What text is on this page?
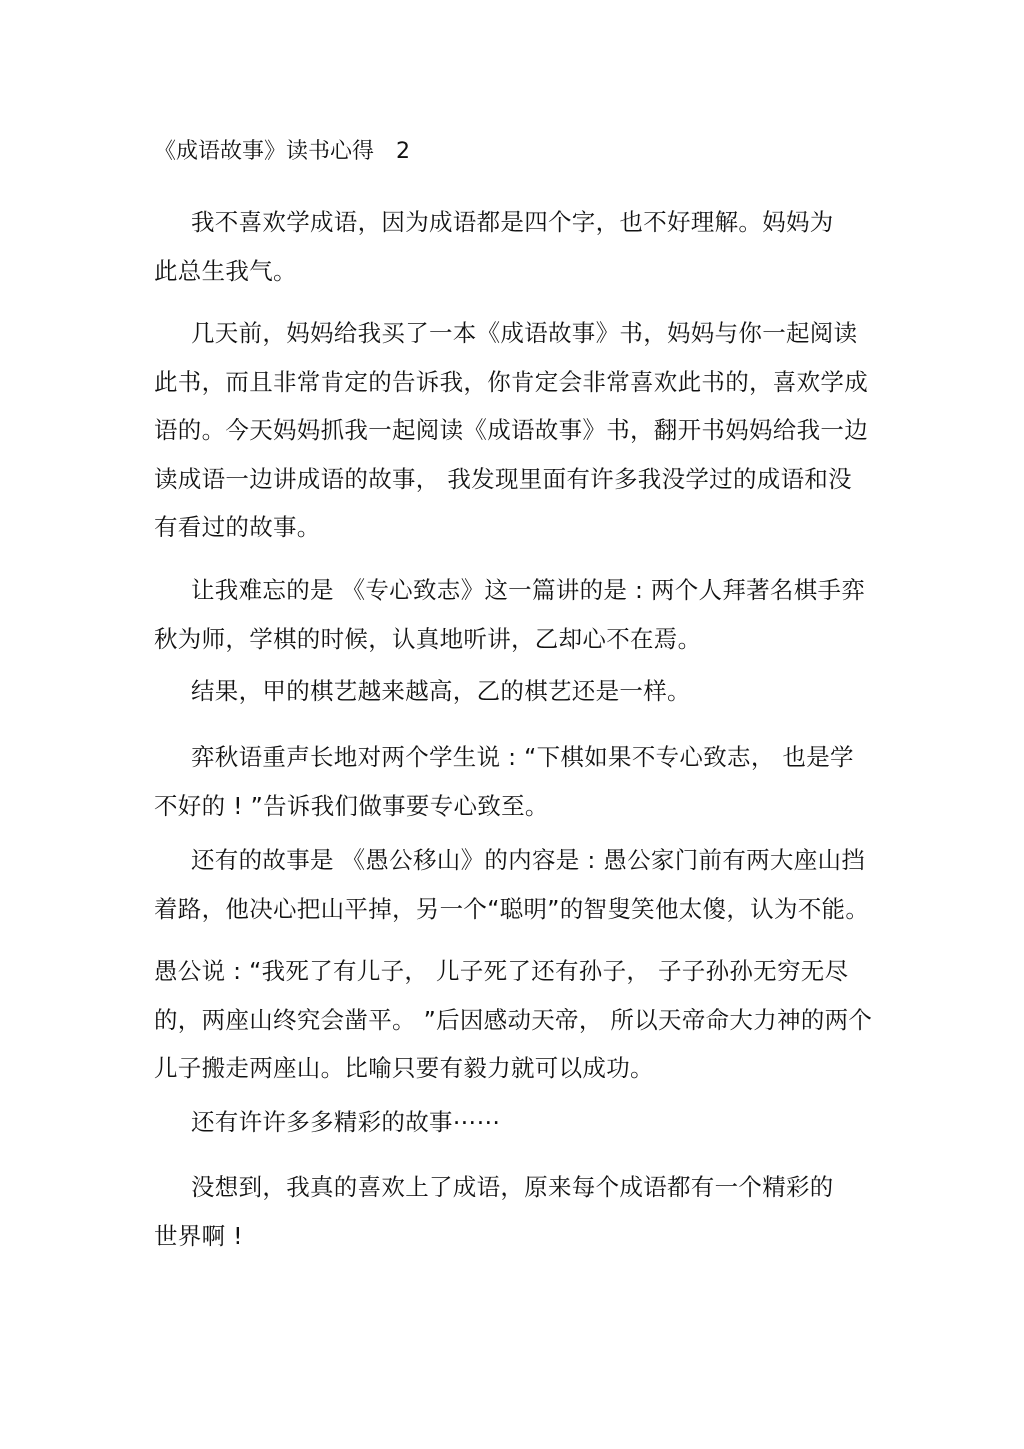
《成语故事》读书心得　2

我不喜欢学成语，因为成语都是四个字，也不好理解。妈妈为此总生我气。

几天前，妈妈给我买了一本《成语故事》书，妈妈与你一起阅读此书，而且非常肯定的告诉我，你肯定会非常喜欢此书的，喜欢学成语的。今天妈妈抓我一起阅读《成语故事》书，翻开书妈妈给我一边读成语一边讲成语的故事， 我发现里面有许多我没学过的成语和没有看过的故事。

让我难忘的是 《专心致志》这一篇讲的是 : 两个人拜著名棋手弈秋为师，学棋的时候，认真地听讲，乙却心不在焉。

结果，甲的棋艺越来越高，乙的棋艺还是一样。

弈秋语重声长地对两个学生说 : “下棋如果不专心致志， 也是学不好的 ! ”告诉我们做事要专心致至。

还有的故事是 《愚公移山》的内容是 : 愚公家门前有两大座山挡着路，他决心把山平掉，另一个“聪明”的智叟笑他太傻，认为不能。

愚公说 : “我死了有儿子， 儿子死了还有孙子， 子子孙孙无穷无尽的，两座山终究会凿平。 ”后因感动天帝， 所以天帝命大力神的两个儿子搬走两座山。比喻只要有毅力就可以成功。

还有许许多多精彩的故事⋯⋯

没想到，我真的喜欢上了成语，原来每个成语都有一个精彩的世界啊 !
